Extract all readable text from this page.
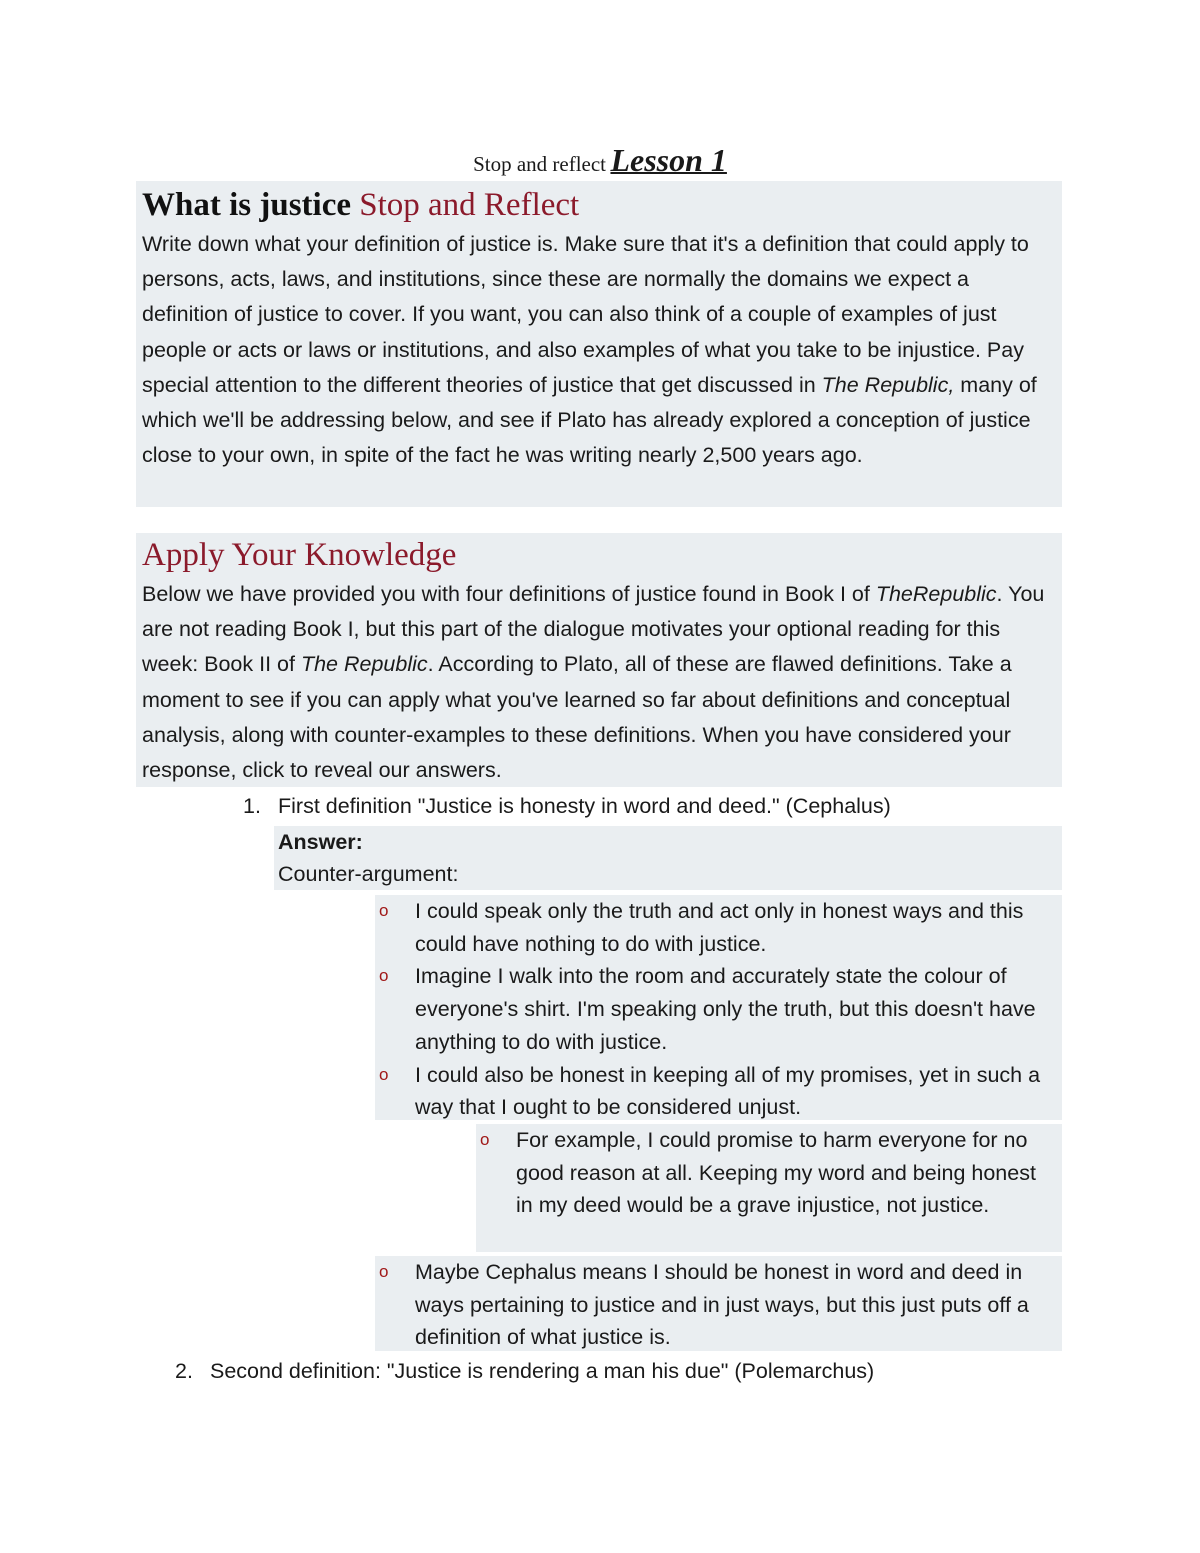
Stop and reflect Lesson 1
What is justice Stop and Reflect

Write down what your definition of justice is. Make sure that it's a definition that could apply to persons, acts, laws, and institutions, since these are normally the domains we expect a definition of justice to cover. If you want, you can also think of a couple of examples of just people or acts or laws or institutions, and also examples of what you take to be injustice. Pay special attention to the different theories of justice that get discussed in The Republic, many of which we'll be addressing below, and see if Plato has already explored a conception of justice close to your own, in spite of the fact he was writing nearly 2,500 years ago.

Apply Your Knowledge

Below we have provided you with four definitions of justice found in Book I of TheRepublic. You are not reading Book I, but this part of the dialogue motivates your optional reading for this week: Book II of The Republic. According to Plato, all of these are flawed definitions. Take a moment to see if you can apply what you've learned so far about definitions and conceptual analysis, along with counter-examples to these definitions. When you have considered your response, click to reveal our answers.

1. First definition "Justice is honesty in word and deed." (Cephalus)
Answer:
Counter-argument:
o I could speak only the truth and act only in honest ways and this could have nothing to do with justice.
o Imagine I walk into the room and accurately state the colour of everyone's shirt. I'm speaking only the truth, but this doesn't have anything to do with justice.
o I could also be honest in keeping all of my promises, yet in such a way that I ought to be considered unjust.
o For example, I could promise to harm everyone for no good reason at all. Keeping my word and being honest in my deed would be a grave injustice, not justice.
o Maybe Cephalus means I should be honest in word and deed in ways pertaining to justice and in just ways, but this just puts off a definition of what justice is.
2. Second definition: "Justice is rendering a man his due" (Polemarchus)
